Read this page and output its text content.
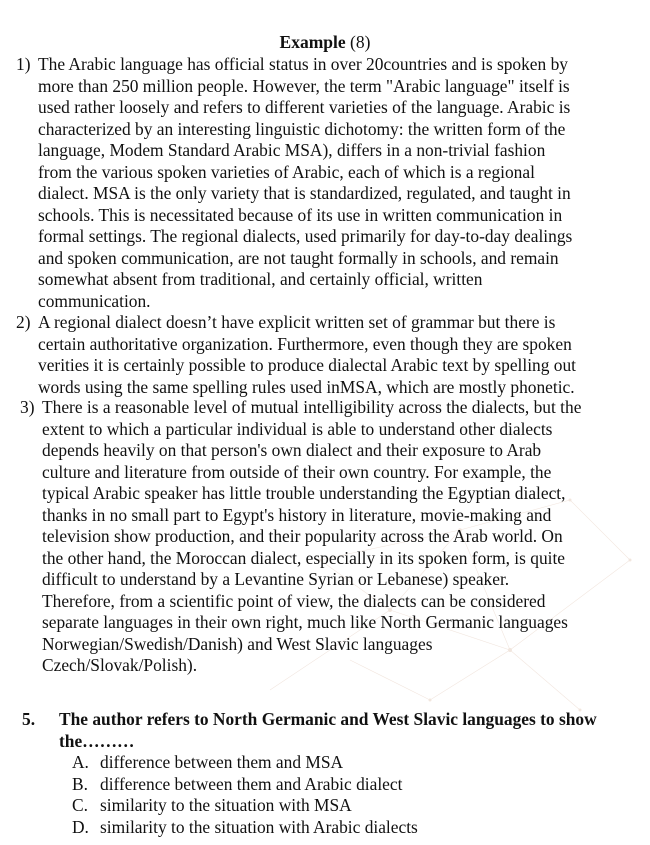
Example (8)
1) The Arabic language has official status in over 20countries and is spoken by
more than 250 million people. However, the term "Arabic language" itself is
used rather loosely and refers to different varieties of the language. Arabic is
characterized by an interesting linguistic dichotomy: the written form of the
language, Modem Standard Arabic MSA), differs in a non-trivial fashion
from the various spoken varieties of Arabic, each of which is a regional
dialect. MSA is the only variety that is standardized, regulated, and taught in
schools. This is necessitated because of its use in written communication in
formal settings. The regional dialects, used primarily for day-to-day dealings
and spoken communication, are not taught formally in schools, and remain
somewhat absent from traditional, and certainly official, written
communication.
2) A regional dialect doesn’t have explicit written set of grammar but there is
certain authoritative organization. Furthermore, even though they are spoken
verities it is certainly possible to produce dialectal Arabic text by spelling out
words using the same spelling rules used inMSA, which are mostly phonetic.
3) There is a reasonable level of mutual intelligibility across the dialects, but the
extent to which a particular individual is able to understand other dialects
depends heavily on that person's own dialect and their exposure to Arab
culture and literature from outside of their own country. For example, the
typical Arabic speaker has little trouble understanding the Egyptian dialect,
thanks in no small part to Egypt's history in literature, movie-making and
television show production, and their popularity across the Arab world. On
the other hand, the Moroccan dialect, especially in its spoken form, is quite
difficult to understand by a Levantine Syrian or Lebanese) speaker.
Therefore, from a scientific point of view, the dialects can be considered
separate languages in their own right, much like North Germanic languages
Norwegian/Swedish/Danish) and West Slavic languages
Czech/Slovak/Polish).
5. The author refers to North Germanic and West Slavic languages to show
the………
A. difference between them and MSA
B. difference between them and Arabic dialect
C. similarity to the situation with MSA
D. similarity to the situation with Arabic dialects
